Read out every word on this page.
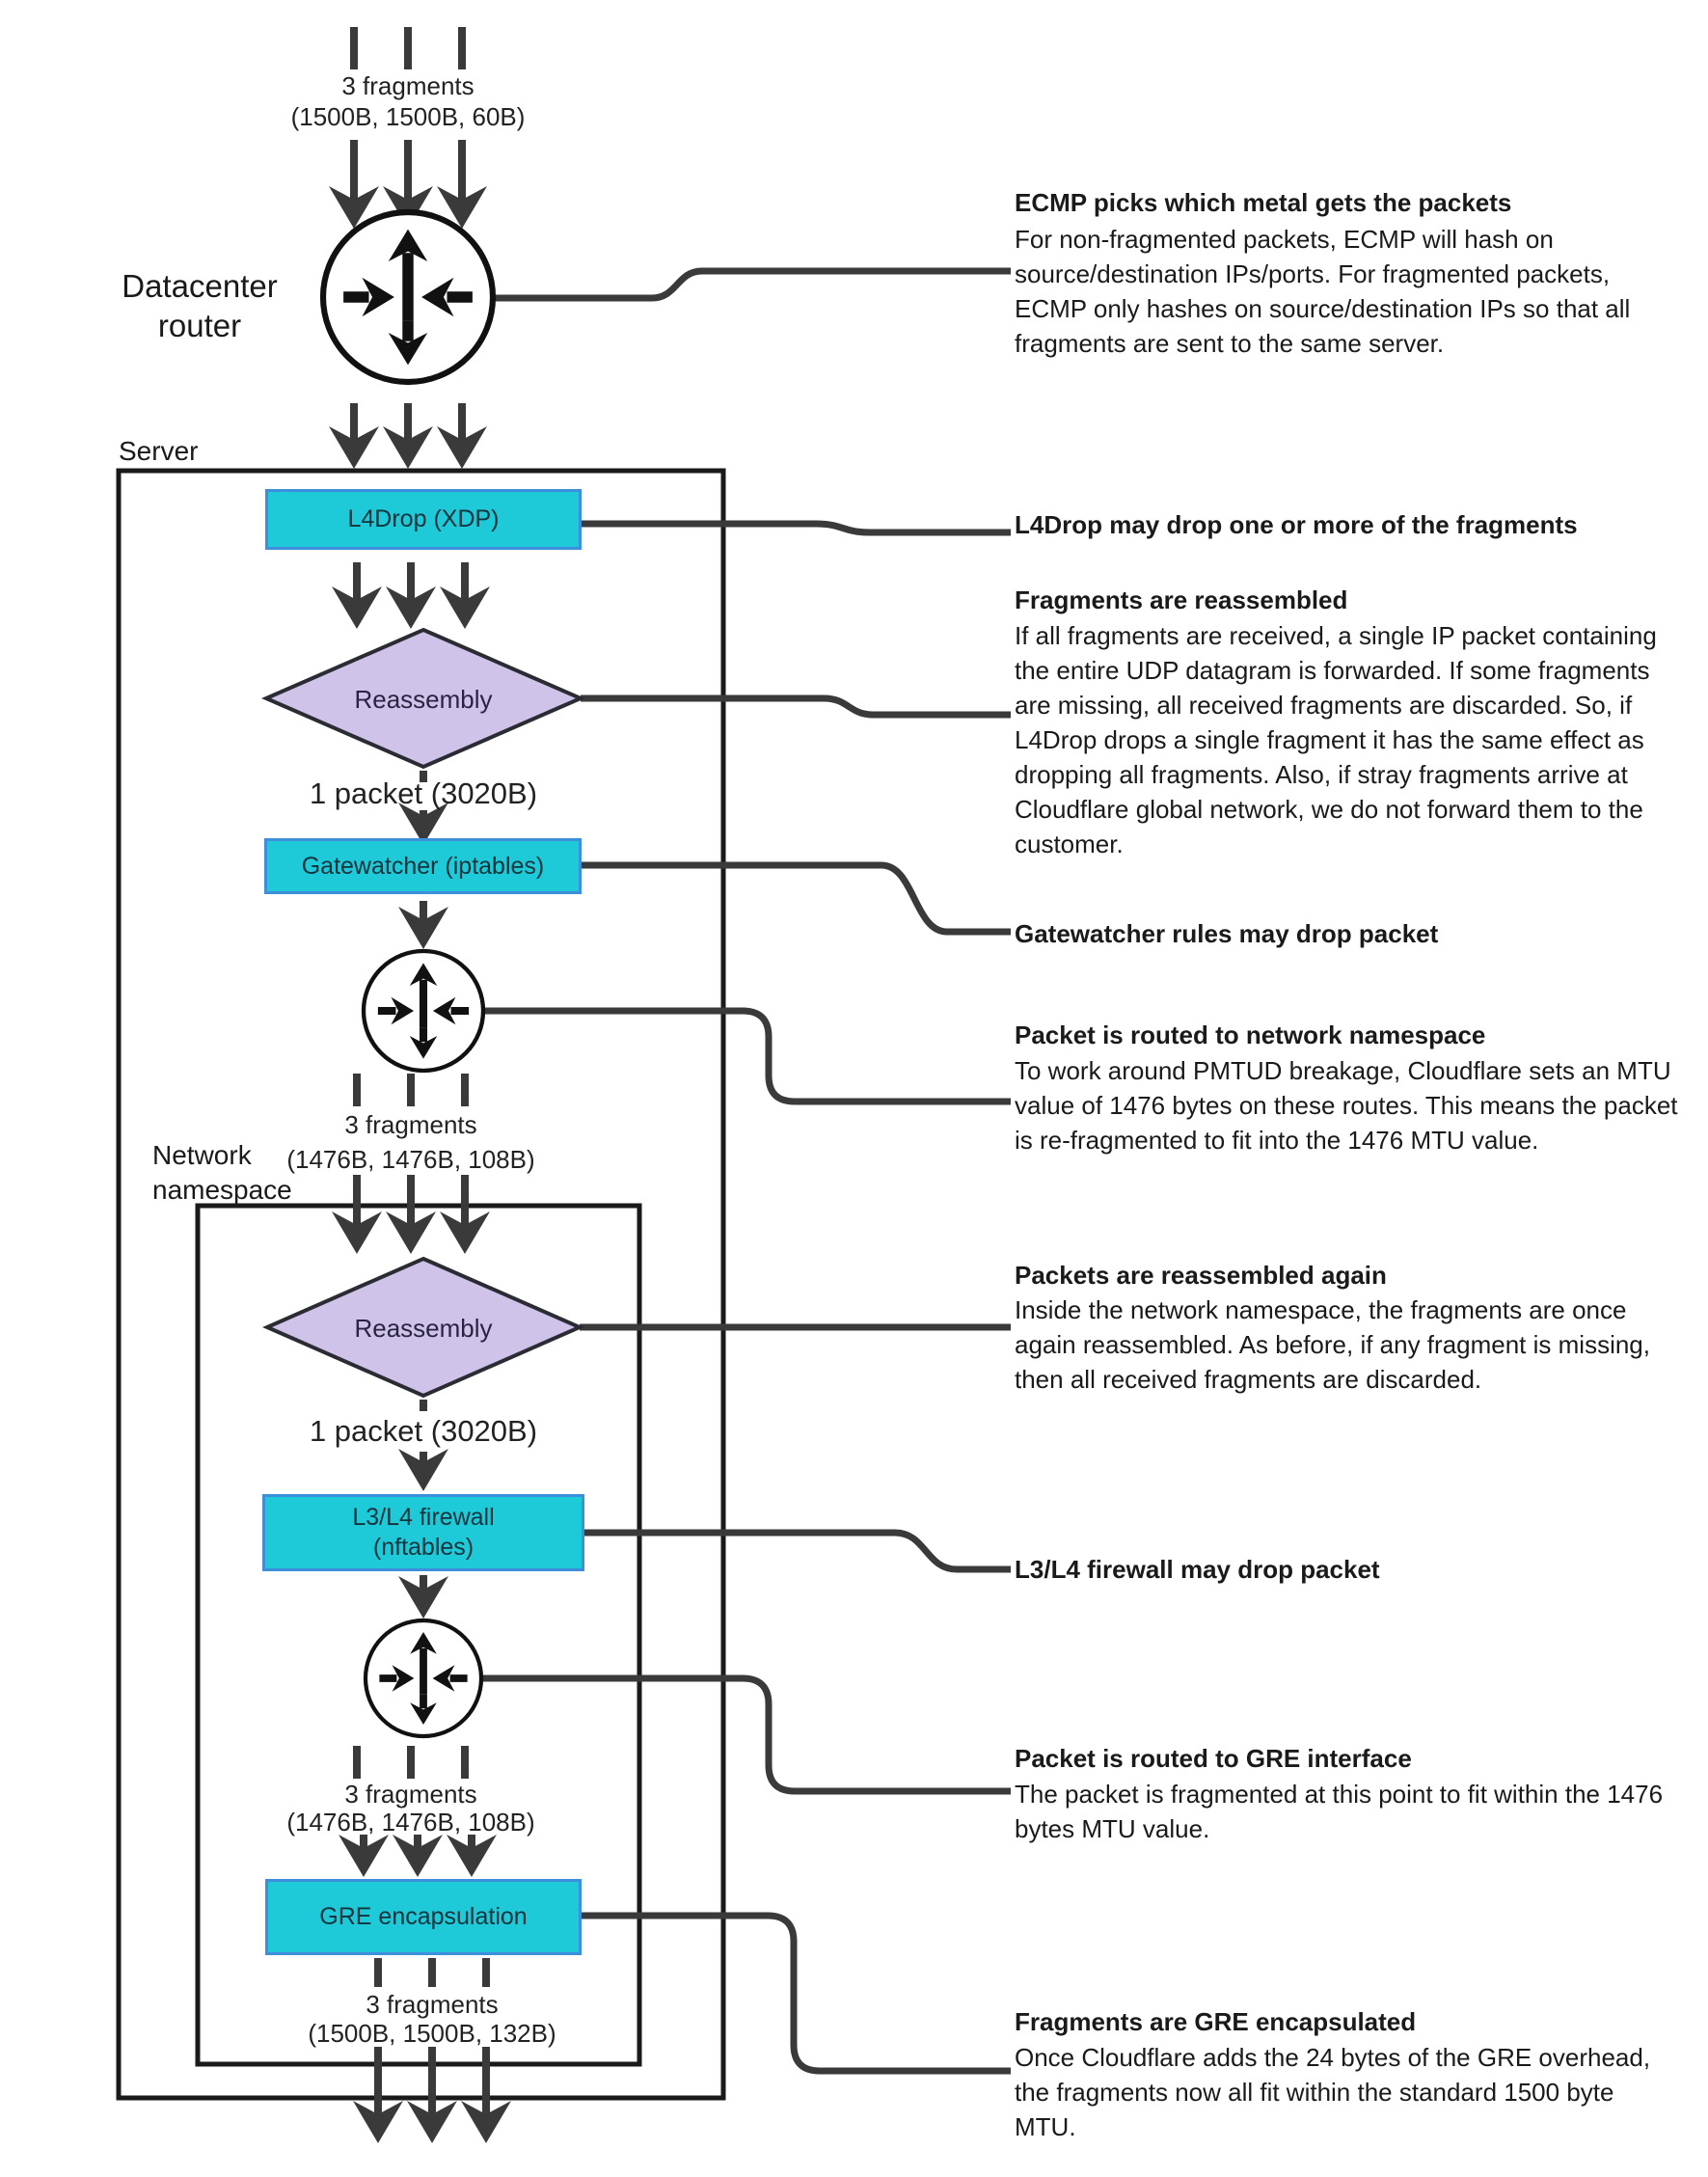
3 fragments
(1500B, 1500B, 60B)
Datacenter
router
Server
L4Drop (XDP)
Reassembly
1 packet (3020B)
Gatewatcher (iptables)
3 fragments
(1476B, 1476B, 108B)
Network
namespace
Reassembly
1 packet (3020B)
L3/L4 firewall
(nftables)
3 fragments
(1476B, 1476B, 108B)
GRE encapsulation
3 fragments
(1500B, 1500B, 132B)
ECMP picks which metal gets the packets
For non-fragmented packets, ECMP will hash on source/destination IPs/ports. For fragmented packets, ECMP only hashes on source/destination IPs so that all fragments are sent to the same server.
L4Drop may drop one or more of the fragments
Fragments are reassembled
If all fragments are received, a single IP packet containing the entire UDP datagram is forwarded. If some fragments are missing, all received fragments are discarded. So, if L4Drop drops a single fragment it has the same effect as dropping all fragments. Also, if stray fragments arrive at Cloudflare global network, we do not forward them to the customer.
Gatewatcher rules may drop packet
Packet is routed to network namespace
To work around PMTUD breakage, Cloudflare sets an MTU value of 1476 bytes on these routes. This means the packet is re-fragmented to fit into the 1476 MTU value.
Packets are reassembled again
Inside the network namespace, the fragments are once again reassembled. As before, if any fragment is missing, then all received fragments are discarded.
L3/L4 firewall may drop packet
Packet is routed to GRE interface
The packet is fragmented at this point to fit within the 1476 bytes MTU value.
Fragments are GRE encapsulated
Once Cloudflare adds the 24 bytes of the GRE overhead, the fragments now all fit within the standard 1500 byte MTU.
